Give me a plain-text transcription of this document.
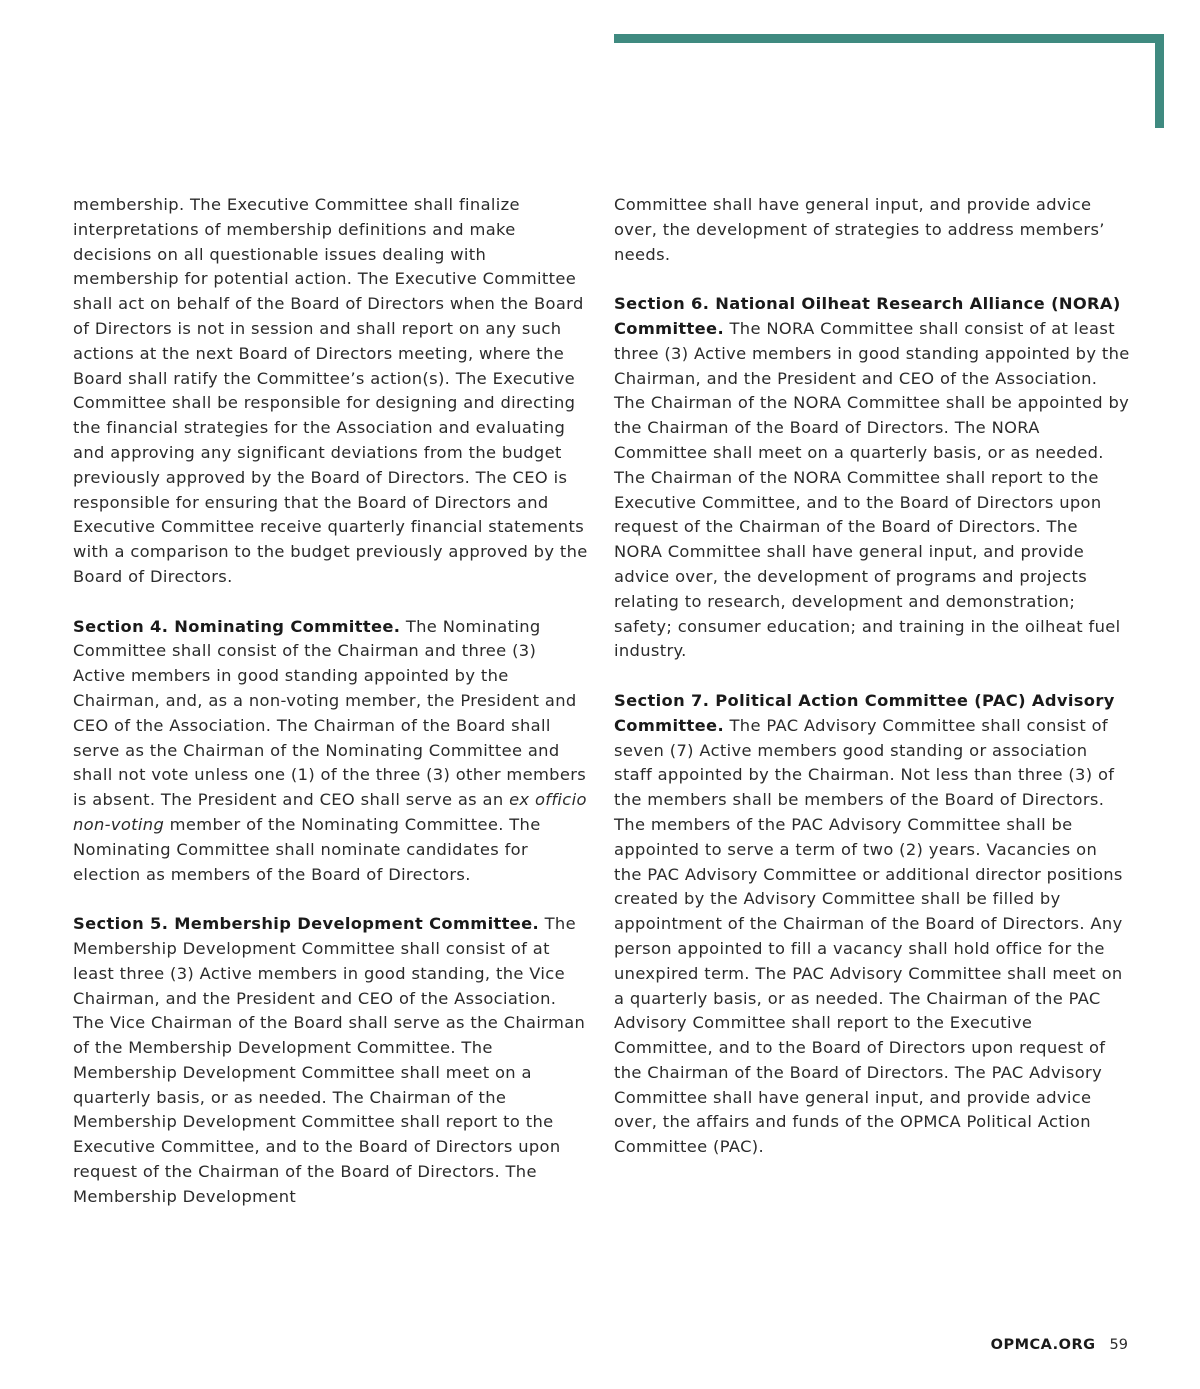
membership. The Executive Committee shall finalize interpretations of membership definitions and make decisions on all questionable issues dealing with membership for potential action. The Executive Committee shall act on behalf of the Board of Directors when the Board of Directors is not in session and shall report on any such actions at the next Board of Directors meeting, where the Board shall ratify the Committee’s action(s). The Executive Committee shall be responsible for designing and directing the financial strategies for the Association and evaluating and approving any significant deviations from the budget previously approved by the Board of Directors. The CEO is responsible for ensuring that the Board of Directors and Executive Committee receive quarterly financial statements with a comparison to the budget previously approved by the Board of Directors.

Section 4. Nominating Committee. The Nominating Committee shall consist of the Chairman and three (3) Active members in good standing appointed by the Chairman, and, as a non-voting member, the President and CEO of the Association. The Chairman of the Board shall serve as the Chairman of the Nominating Committee and shall not vote unless one (1) of the three (3) other members is absent. The President and CEO shall serve as an ex officio non-voting member of the Nominating Committee. The Nominating Committee shall nominate candidates for election as members of the Board of Directors.

Section 5. Membership Development Committee. The Membership Development Committee shall consist of at least three (3) Active members in good standing, the Vice Chairman, and the President and CEO of the Association. The Vice Chairman of the Board shall serve as the Chairman of the Membership Development Committee. The Membership Development Committee shall meet on a quarterly basis, or as needed. The Chairman of the Membership Development Committee shall report to the Executive Committee, and to the Board of Directors upon request of the Chairman of the Board of Directors. The Membership Development

Committee shall have general input, and provide advice over, the development of strategies to address members’ needs.

Section 6. National Oilheat Research Alliance (NORA) Committee. The NORA Committee shall consist of at least three (3) Active members in good standing appointed by the Chairman, and the President and CEO of the Association. The Chairman of the NORA Committee shall be appointed by the Chairman of the Board of Directors. The NORA Committee shall meet on a quarterly basis, or as needed. The Chairman of the NORA Committee shall report to the Executive Committee, and to the Board of Directors upon request of the Chairman of the Board of Directors. The NORA Committee shall have general input, and provide advice over, the development of programs and projects relating to research, development and demonstration; safety; consumer education; and training in the oilheat fuel industry.

Section 7. Political Action Committee (PAC) Advisory Committee. The PAC Advisory Committee shall consist of seven (7) Active members good standing or association staff appointed by the Chairman. Not less than three (3) of the members shall be members of the Board of Directors. The members of the PAC Advisory Committee shall be appointed to serve a term of two (2) years. Vacancies on the PAC Advisory Committee or additional director positions created by the Advisory Committee shall be filled by appointment of the Chairman of the Board of Directors. Any person appointed to fill a vacancy shall hold office for the unexpired term. The PAC Advisory Committee shall meet on a quarterly basis, or as needed. The Chairman of the PAC Advisory Committee shall report to the Executive Committee, and to the Board of Directors upon request of the Chairman of the Board of Directors. The PAC Advisory Committee shall have general input, and provide advice over, the affairs and funds of the OPMCA Political Action Committee (PAC).

OPMCA.ORG 59
